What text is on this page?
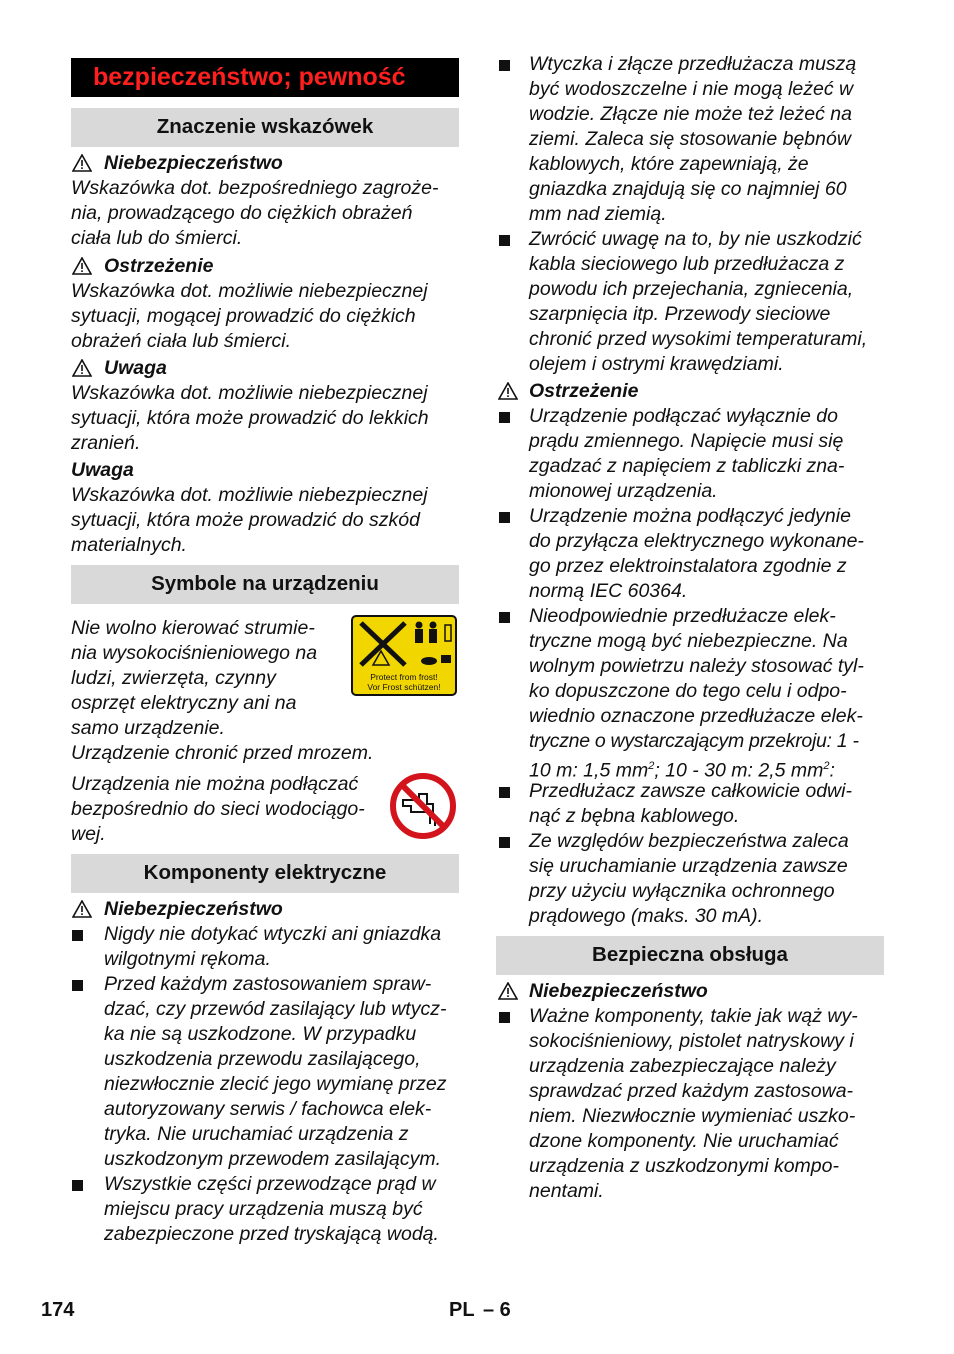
bezpieczeństwo; pewność
Znaczenie wskazówek
Niebezpieczeństwo
Wskazówka dot. bezpośredniego zagroże-
nia, prowadzącego do ciężkich obrażeń
ciała lub do śmierci.
Ostrzeżenie
Wskazówka dot. możliwie niebezpiecznej
sytuacji, mogącej prowadzić do ciężkich
obrażeń ciała lub śmierci.
Uwaga
Wskazówka dot. możliwie niebezpiecznej
sytuacji, która może prowadzić do lekkich
zranień.
Uwaga
Wskazówka dot. możliwie niebezpiecznej
sytuacji, która może prowadzić do szkód
materialnych.
Symbole na urządzeniu
Nie wolno kierować strumie-
nia wysokociśnieniowego na
ludzi, zwierzęta, czynny
osprzęt elektryczny ani na
samo urządzenie.
Urządzenie chronić przed mrozem.
Protect from frost!
Vor Frost schützen!
Urządzenia nie można podłączać
bezpośrednio do sieci wodociągo-
wej.
Komponenty elektryczne
Niebezpieczeństwo
Nigdy nie dotykać wtyczki ani gniazdka
wilgotnymi rękoma.
Przed każdym zastosowaniem spraw-
dzać, czy przewód zasilający lub wtycz-
ka nie są uszkodzone. W przypadku
uszkodzenia przewodu zasilającego,
niezwłocznie zlecić jego wymianę przez
autoryzowany serwis / fachowca elek-
tryka. Nie uruchamiać urządzenia z
uszkodzonym przewodem zasilającym.
Wszystkie części przewodzące prąd w
miejscu pracy urządzenia muszą być
zabezpieczone przed tryskającą wodą.
Wtyczka i złącze przedłużacza muszą
być wodoszczelne i nie mogą leżeć w
wodzie. Złącze nie może też leżeć na
ziemi. Zaleca się stosowanie bębnów
kablowych, które zapewniają, że
gniazdka znajdują się co najmniej 60
mm nad ziemią.
Zwrócić uwagę na to, by nie uszkodzić
kabla sieciowego lub przedłużacza z
powodu ich przejechania, zgniecenia,
szarpnięcia itp. Przewody sieciowe
chronić przed wysokimi temperaturami,
olejem i ostrymi krawędziami.
Ostrzeżenie
Urządzenie podłączać wyłącznie do
prądu zmiennego. Napięcie musi się
zgadzać z napięciem z tabliczki zna-
mionowej urządzenia.
Urządzenie można podłączyć jedynie
do przyłącza elektrycznego wykonane-
go przez elektroinstalatora zgodnie z
normą IEC 60364.
Nieodpowiednie przedłużacze elek-
tryczne mogą być niebezpieczne. Na
wolnym powietrzu należy stosować tyl-
ko dopuszczone do tego celu i odpo-
wiednio oznaczone przedłużacze elek-
tryczne o wystarczającym przekroju: 1 -
10 m: 1,5 $mm^2$; 10 - 30 m: 2,5 $mm^2$:
Przedłużacz zawsze całkowicie odwi-
nąć z bębna kablowego.
Ze względów bezpieczeństwa zaleca
się uruchamianie urządzenia zawsze
przy użyciu wyłącznika ochronnego
prądowego (maks. 30 mA).
Bezpieczna obsługa
Niebezpieczeństwo
Ważne komponenty, takie jak wąż wy-
sokociśnieniowy, pistolet natryskowy i
urządzenia zabezpieczające należy
sprawdzać przed każdym zastosowa-
niem. Niezwłocznie wymieniać uszko-
dzone komponenty. Nie uruchamiać
urządzenia z uszkodzonymi kompo-
nentami.
174	PL – 6
